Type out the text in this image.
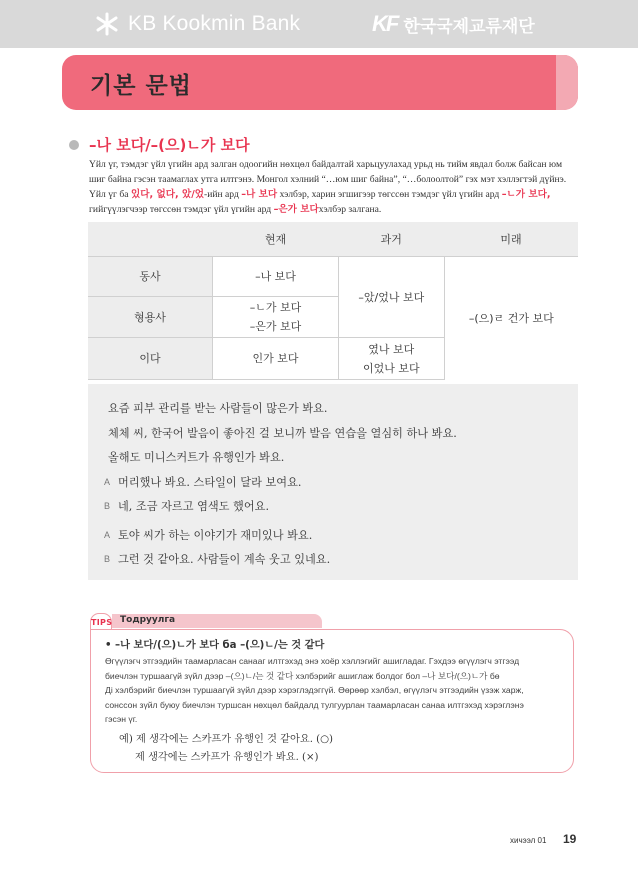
KB Kookmin Bank	KF 한국국제교류재단
기본 문법
–나 보다/–(으)ㄴ가 보다
Үйл үг, тэмдэг үйл үгийн ард залган одоогийн нөхцөл байдалтай харьцуулахад урьд нь тийм явдал болж байсан юм
шиг байна гэсэн таамаглах утга илтгэнэ. Монгол хэлний “…юм шиг байна”, “…болоолтой” гэх мэт хэллэгтэй дүйнэ.
Үйл үг ба 있다, 없다, 았/었-ийн ард –나 보다 хэлбэр, харин эгшигээр төгссөн тэмдэг үйл үгийн ард –ㄴ가 보다,
гийгүүлэгчээр төгссөн тэмдэг үйл үгийн ард –은가 보다хэлбэр залгана.
	현재	과거	미래
동사	–나 보다	–았/었나 보다	–(으)ㄹ 건가 보다
형용사	–ㄴ가 보다
–은가 보다		

이다	인가 보다	였나 보다
이었나 보다	
요즘 피부 관리를 받는 사람들이 많은가 봐요.
체체 씨, 한국어 발음이 좋아진 걸 보니까 발음 연습을 열심히 하나 봐요.
올해도 미니스커트가 유행인가 봐요.
A 머리했나 봐요. 스타일이 달라 보여요.
B 네, 조금 자르고 염색도 했어요.
A 토야 씨가 하는 이야기가 재미있나 봐요.
B 그런 것 같아요. 사람들이 계속 웃고 있네요.
TIPS Тодруулга
• –나 보다/(으)ㄴ가 보다 ба –(으)ㄴ/는 것 같다
Өгүүлэгч этгээдийн таамарласан санааг илтгэхэд энэ хоёр хэллэгийг ашигладаг. Гэхдээ өгүүлэгч этгээд
биечлэн туршаагүй зүйл дээр –(으)ㄴ/는 것 같다 хэлбэрийг ашиглаж болдог бол –나 보다/(으)ㄴ가 бө
Ді хэлбэрийг биечлэн туршаагүй зүйл дээр хэрэглэдэггүй. Өөрөөр хэлбэл, өгүүлэгч этгээдийн үзэж харж,
сонссон зүйл буюу биечлэн туршсан нөхцөл байдалд тулгуурлан таамарласан санаа илтгэхэд хэрэглэнэ
гэсэн үг.
예) 제 생각에는 스카프가 유행인 것 같아요. (○)
제 생각에는 스카프가 유행인가 봐요. (×)
хичээл 01 19
